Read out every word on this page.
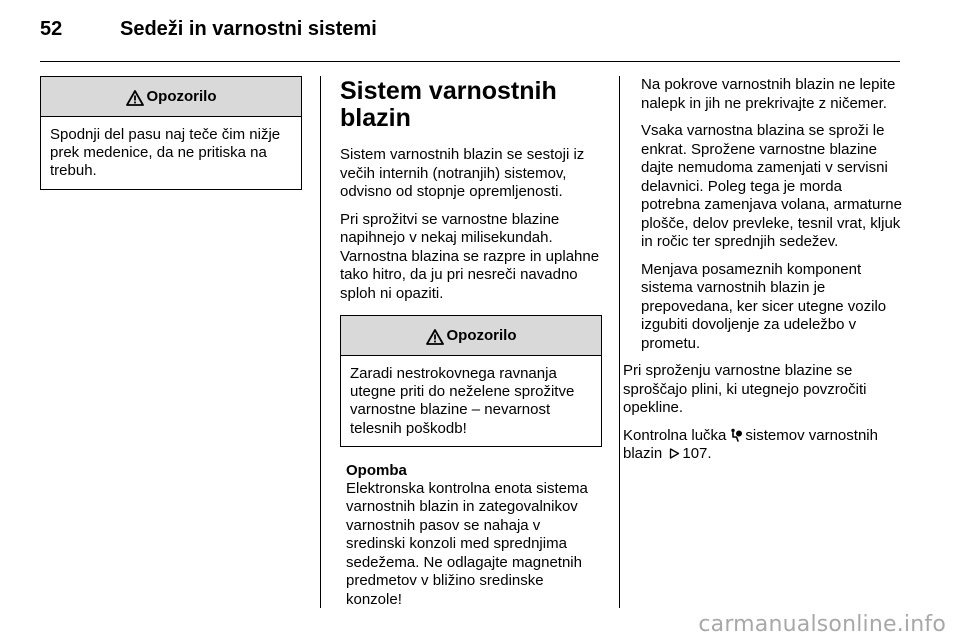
52	Sedeži in varnostni sistemi
Opozorilo
Spodnji del pasu naj teče čim nižje prek medenice, da ne pritiska na trebuh.
Sistem varnostnih blazin

Sistem varnostnih blazin se sestoji iz večih internih (notranjih) sistemov, odvisno od stopnje opremljenosti.

Pri sprožitvi se varnostne blazine napihnejo v nekaj milisekundah. Varnostna blazina se razpre in uplahne tako hitro, da ju pri nesreči navadno sploh ni opaziti.

Opozorilo
Zaradi nestrokovnega ravnanja utegne priti do neželene sprožitve varnostne blazine – nevarnost telesnih poškodb!
Opomba

Elektronska kontrolna enota sistema varnostnih blazin in zategovalnikov varnostnih pasov se nahaja v sredinski konzoli med sprednjima sedežema. Ne odlagajte magnetnih predmetov v bližino sredinske konzole!

Na pokrove varnostnih blazin ne lepite nalepk in jih ne prekrivajte z ničemer.

Vsaka varnostna blazina se sproži le enkrat. Sprožene varnostne blazine dajte nemudoma zamenjati v servisni delavnici. Poleg tega je morda potrebna zamenjava volana, armaturne plošče, delov prevleke, tesnil vrat, kljuk in ročic ter sprednjih sedežev.

Menjava posameznih komponent sistema varnostnih blazin je prepovedana, ker sicer utegne vozilo izgubiti dovoljenje za udeležbo v prometu.

Pri sproženju varnostne blazine se sproščajo plini, ki utegnejo povzročiti opekline.

Kontrolna lučka sistemov varnostnih blazin 107.

carmanualsonline.info
